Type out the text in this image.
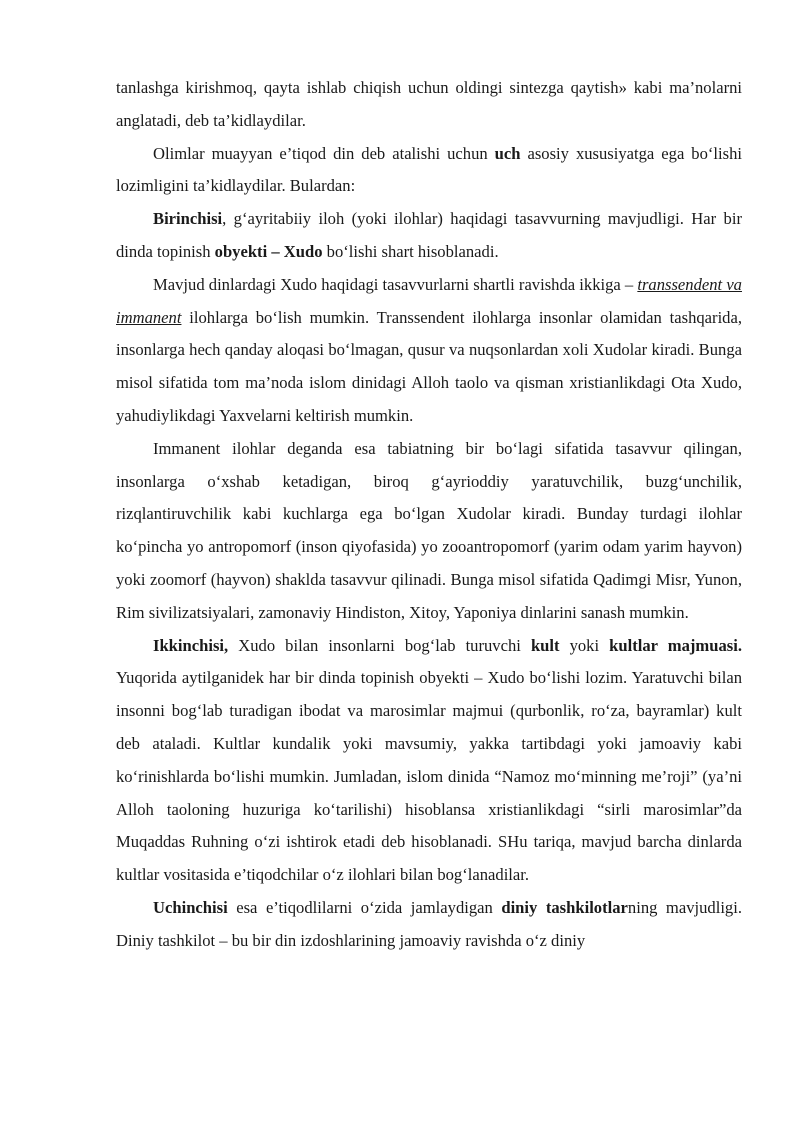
tanlashga kirishmoq, qayta ishlab chiqish uchun oldingi sintezga qaytish» kabi ma’nolarni anglatadi, deb ta’kidlaydilar.

Olimlar muayyan e’tiqod din deb atalishi uchun uch asosiy xususiyatga ega bo‘lishi lozimligini ta’kidlaydilar. Bulardan:

Birinchisi, g‘ayritabiiy iloh (yoki ilohlar) haqidagi tasavvurning mavjudligi. Har bir dinda topinish obyekti – Xudo bo‘lishi shart hisoblanadi.

Mavjud dinlardagi Xudo haqidagi tasavvurlarni shartli ravishda ikkiga – transsendent va immanent ilohlarga bo‘lish mumkin. Transsendent ilohlarga insonlar olamidan tashqarida, insonlarga hech qanday aloqasi bo‘lmagan, qusur va nuqsonlardan xoli Xudolar kiradi. Bunga misol sifatida tom ma’noda islom dinidagi Alloh taolo va qisman xristianlikdagi Ota Xudo, yahudiylikdagi Yaxvelarni keltirish mumkin.

Immanent ilohlar deganda esa tabiatning bir bo‘lagi sifatida tasavvur qilingan, insonlarga o‘xshab ketadigan, biroq g‘ayrioddiy yaratuvchilik, buzg‘unchilik, rizqlantiruvchilik kabi kuchlarga ega bo‘lgan Xudolar kiradi. Bunday turdagi ilohlar ko‘pincha yo antropomorf (inson qiyofasida) yo zooantropomorf (yarim odam yarim hayvon) yoki zoomorf (hayvon) shaklda tasavvur qilinadi. Bunga misol sifatida Qadimgi Misr, Yunon, Rim sivilizatsiyalari, zamonaviy Hindiston, Xitoy, Yaponiya dinlarini sanash mumkin.

Ikkinchisi, Xudo bilan insonlarni bog‘lab turuvchi kult yoki kultlar majmuasi. Yuqorida aytilganidek har bir dinda topinish obyekti – Xudo bo‘lishi lozim. Yaratuvchi bilan insonni bog‘lab turadigan ibodat va marosimlar majmui (qurbonlik, ro‘za, bayramlar) kult deb ataladi. Kultlar kundalik yoki mavsumiy, yakka tartibdagi yoki jamoaviy kabi ko‘rinishlarda bo‘lishi mumkin. Jumladan, islom dinida “Namoz mo‘minning me’roji” (ya’ni Alloh taoloning huzuriga ko‘tarilishi) hisoblansa xristianlikdagi “sirli marosimlar”da Muqaddas Ruhning o‘zi ishtirok etadi deb hisoblanadi. SHu tariqa, mavjud barcha dinlarda kultlar vositasida e’tiqodchilar o‘z ilohlari bilan bog‘lanadilar.

Uchinchisi esa e’tiqodlilarni o‘zida jamlaydigan diniy tashkilotlarning mavjudligi. Diniy tashkilot – bu bir din izdoshlarining jamoaviy ravishda o‘z diniy
